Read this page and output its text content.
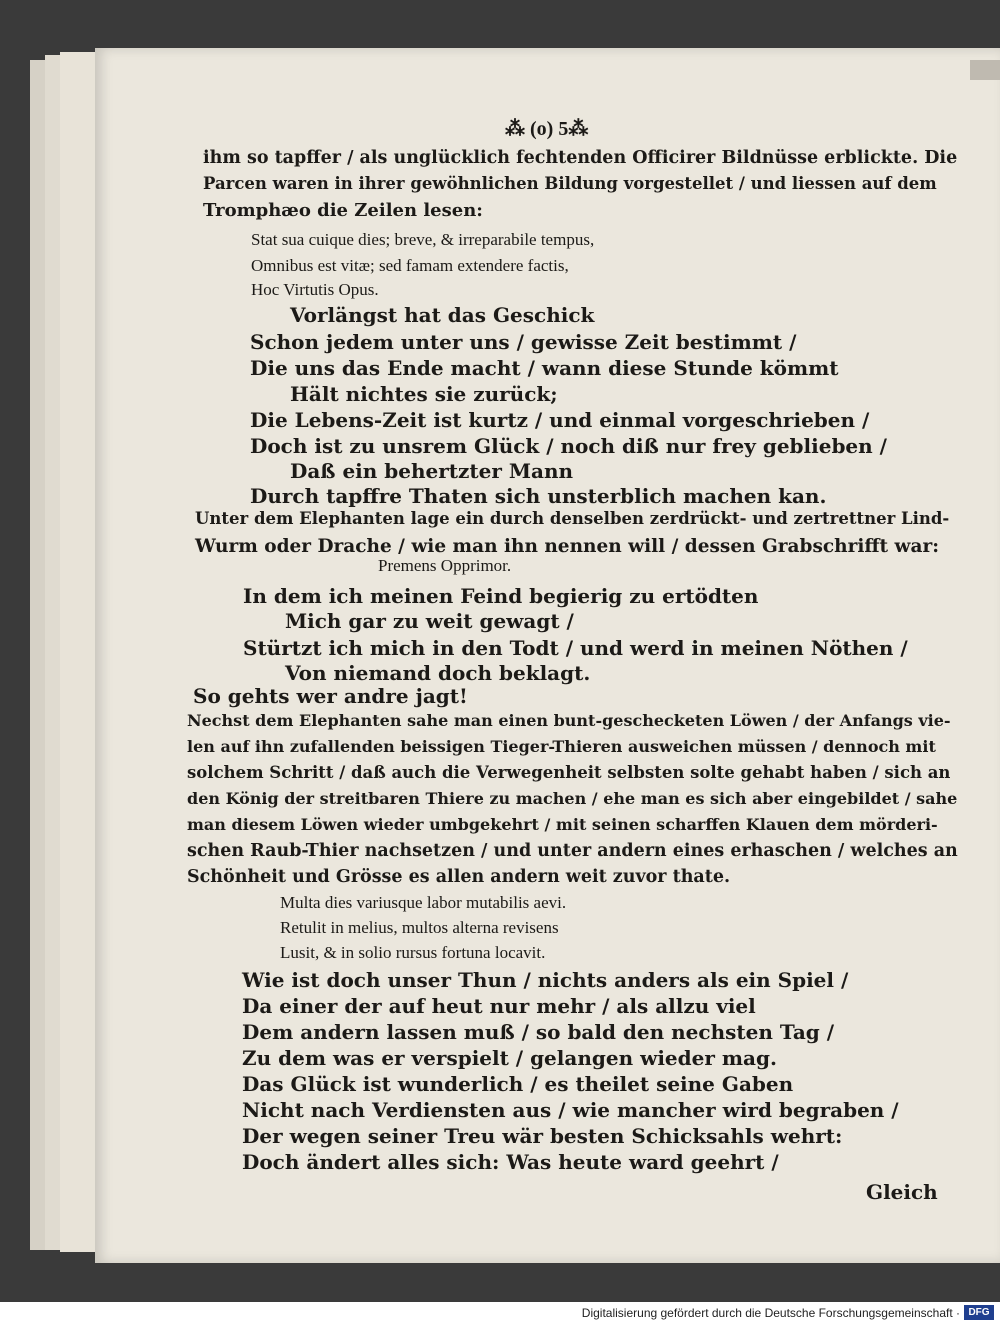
⁂ (o) 5⁂
ihm so tapffer / als unglücklich fechtenden Officirer Bildnüsse erblickte. Die
Parcen waren in ihrer gewöhnlichen Bildung vorgestellet / und liessen auf dem
Tromphæo die Zeilen lesen:
Stat sua cuique dies; breve, & irreparabile tempus,
Omnibus est vitæ; sed famam extendere factis,
Hoc Virtutis Opus.
Vorlängst hat das Geschick
Schon jedem unter uns / gewisse Zeit bestimmt /
Die uns das Ende macht / wann diese Stunde kömmt
Hält nichtes sie zurück;
Die Lebens-Zeit ist kurtz / und einmal vorgeschrieben /
Doch ist zu unsrem Glück / noch diß nur frey geblieben /
Daß ein behertzter Mann
Durch tapffre Thaten sich unsterblich machen kan.
Unter dem Elephanten lage ein durch denselben zerdrückt- und zertrettner Lind-
Wurm oder Drache / wie man ihn nennen will / dessen Grabschrifft war:
Premens Opprimor.
In dem ich meinen Feind begierig zu ertödten
Mich gar zu weit gewagt /
Stürtzt ich mich in den Todt / und werd in meinen Nöthen /
Von niemand doch beklagt.
So gehts wer andre jagt!
Nechst dem Elephanten sahe man einen bunt-geschecketen Löwen / der Anfangs vie-
len auf ihn zufallenden beissigen Tieger-Thieren ausweichen müssen / dennoch mit
solchem Schritt / daß auch die Verwegenheit selbsten solte gehabt haben / sich an
den König der streitbaren Thiere zu machen / ehe man es sich aber eingebildet / sahe
man diesem Löwen wieder umbgekehrt / mit seinen scharffen Klauen dem mörderi-
schen Raub-Thier nachsetzen / und unter andern eines erhaschen / welches an
Schönheit und Grösse es allen andern weit zuvor thate.
Multa dies variusque labor mutabilis aevi.
Retulit in melius, multos alterna revisens
Lusit, & in solio rursus fortuna locavit.
Wie ist doch unser Thun / nichts anders als ein Spiel /
Da einer der auf heut nur mehr / als allzu viel
Dem andern lassen muß / so bald den nechsten Tag /
Zu dem was er verspielt / gelangen wieder mag.
Das Glück ist wunderlich / es theilet seine Gaben
Nicht nach Verdiensten aus / wie mancher wird begraben /
Der wegen seiner Treu wär besten Schicksahls wehrt:
Doch ändert alles sich: Was heute ward geehrt /
Gleich
Digitalisierung gefördert durch die Deutsche Forschungsgemeinschaft · DFG
